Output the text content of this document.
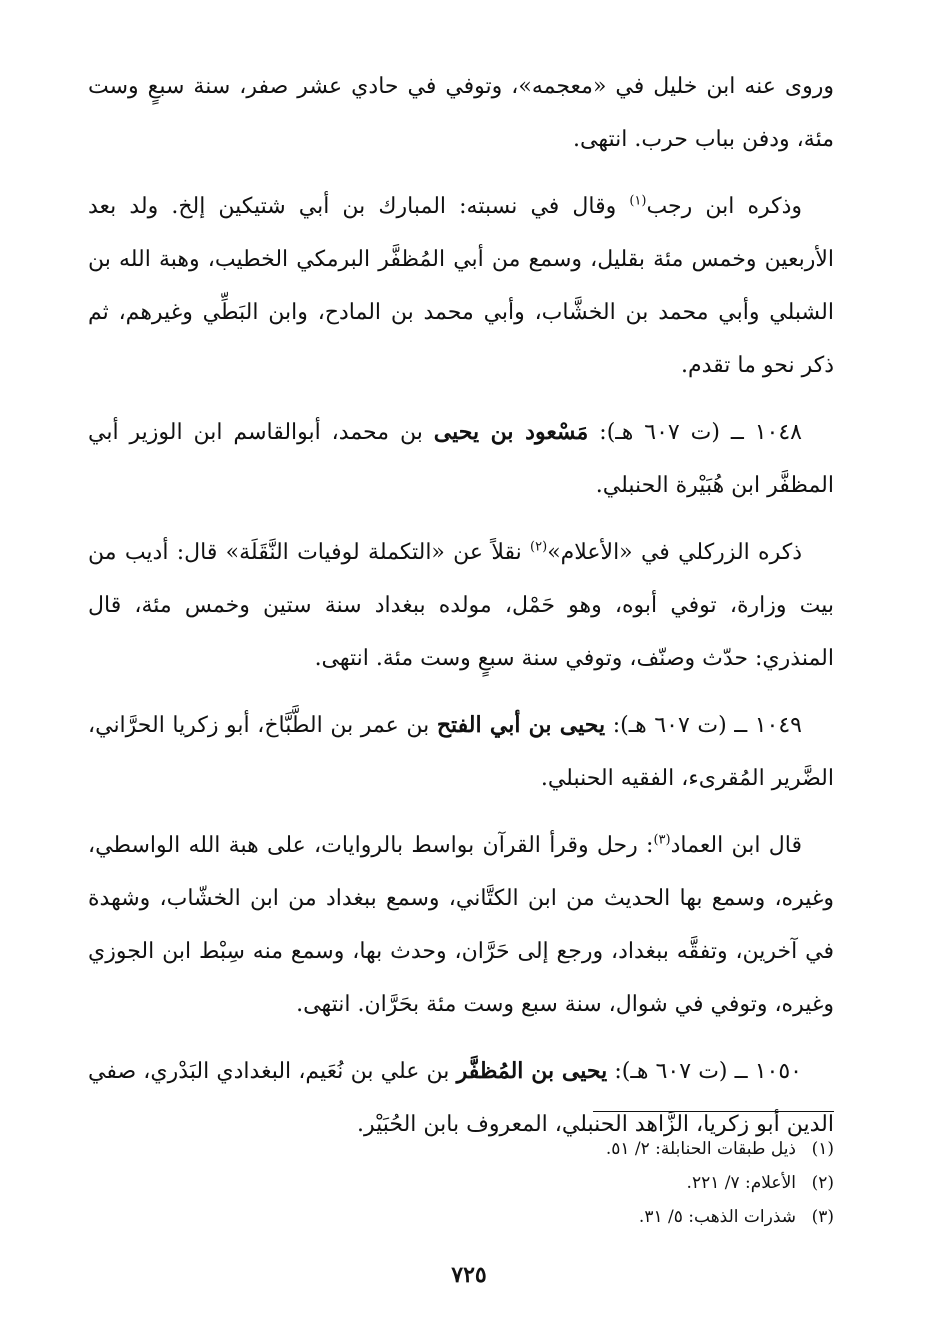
وروى عنه ابن خليل في «معجمه»، وتوفي في حادي عشر صفر، سنة سبعٍ وست مئة، ودفن بباب حرب. انتهى.

وذكره ابن رجب$^{(١)}$ وقال في نسبته: المبارك بن أبي شتيكين إلخ. ولد بعد الأربعين وخمس مئة بقليل، وسمع من أبي المُظفَّر البرمكي الخطيب، وهبة الله بن الشبلي وأبي محمد بن الخشَّاب، وأبي محمد بن المادح، وابن البَطِّي وغيرهم، ثم ذكر نحو ما تقدم.

١٠٤٨ ــ (ت ٦٠٧ هـ): مَسْعود بن يحيى بن محمد، أبوالقاسم ابن الوزير أبي المظفَّر ابن هُبَيْرة الحنبلي.

ذكره الزركلي في «الأعلام»$^{(٢)}$ نقلاً عن «التكملة لوفيات النَّقَلَة» قال: أديب من بيت وزارة، توفي أبوه، وهو حَمْل، مولده ببغداد سنة ستين وخمس مئة، قال المنذري: حدّث وصنّف، وتوفي سنة سبعٍ وست مئة. انتهى.

١٠٤٩ ــ (ت ٦٠٧ هـ): يحيى بن أبي الفتح بن عمر بن الطَّبَّاخ، أبو زكريا الحرَّاني، الضَّرير المُقرىء، الفقيه الحنبلي.

قال ابن العماد$^{(٣)}$: رحل وقرأ القرآن بواسط بالروايات، على هبة الله الواسطي، وغيره، وسمع بها الحديث من ابن الكتَّاني، وسمع ببغداد من ابن الخشّاب، وشهدة في آخرين، وتفقَّه ببغداد، ورجع إلى حَرَّان، وحدث بها، وسمع منه سِبْط ابن الجوزي وغيره، وتوفي في شوال، سنة سبع وست مئة بحَرَّان. انتهى.

١٠٥٠ ــ (ت ٦٠٧ هـ): يحيى بن المُظفَّر بن علي بن نُعَيم، البغدادي البَدْري، صفي الدين أبو زكريا، الزَّاهد الحنبلي، المعروف بابن الحُبَيْر.

(١)ذيل طبقات الحنابلة: ٢/ ٥١.
(٢)الأعلام: ٧/ ٢٢١.
(٣)شذرات الذهب: ٥/ ٣١.
٧٢٥
